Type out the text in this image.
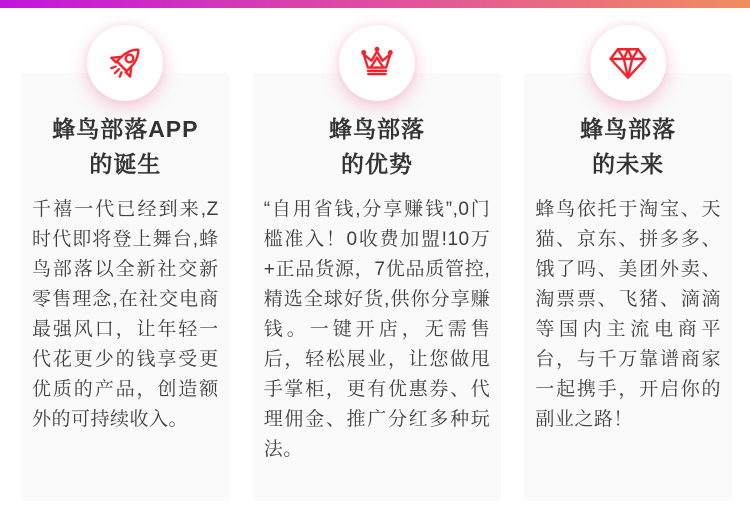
蜂鸟部落APP
的诞生
千禧一代已经到来,Z时代即将登上舞台,蜂鸟部落以全新社交新零售理念,在社交电商最强风口，让年轻一代花更少的钱享受更优质的产品，创造额外的可持续收入。
蜂鸟部落
的优势
“自用省钱,分享赚钱”,0门槛准入！0收费加盟!10万+正品货源，7优品质管控,精选全球好货,供你分享赚钱。一键开店，无需售后，轻松展业，让您做甩手掌柜，更有优惠券、代理佣金、推广分红多种玩法。
蜂鸟部落
的未来
蜂鸟依托于淘宝、天猫、京东、拼多多、饿了吗、美团外卖、淘票票、飞猪、滴滴等国内主流电商平台，与千万靠谱商家一起携手，开启你的副业之路！
